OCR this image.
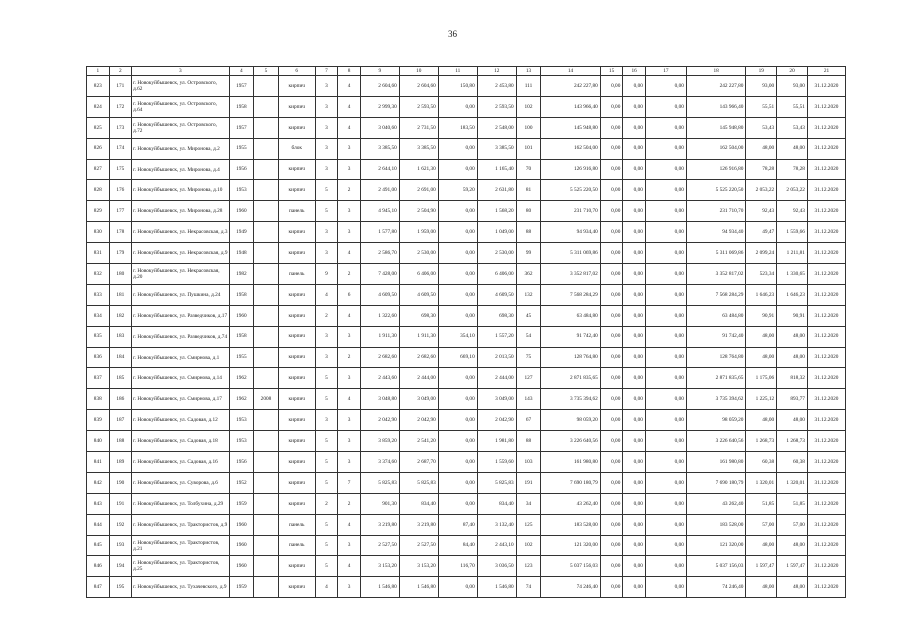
36
1	2	3	4	5	6	7	8	9	10	11	12	13	14	15	16	17	18	19	20	21
823	171	г. Новокуйбышевск, ул. Островского, д.62	1957		кирпич	3	4	2 604,60	2 604,60	150,80	2 453,80	111	242 227,80	0,00	0,00	0,00	242 227,80	93,00	93,00	31.12.2020
824	172	г. Новокуйбышевск, ул. Островского, д.64	1958		кирпич	3	4	2 999,30	2 593,50	0,00	2 593,50	102	143 966,40	0,00	0,00	0,00	143 966,40	55,51	55,51	31.12.2020
825	173	г. Новокуйбышевск, ул. Островского, д.72	1957		кирпич	3	4	3 040,60	2 731,50	183,50	2 548,00	100	145 948,80	0,00	0,00	0,00	145 948,80	53,43	53,43	31.12.2020
826	174	г. Новокуйбышевск, ул. Миронова, д.2	1955		блок	3	3	3 385,50	3 385,50	0,00	3 385,50	101	162 504,00	0,00	0,00	0,00	162 504,00	48,00	48,00	31.12.2020
827	175	г. Новокуйбышевск, ул. Миронова, д.4	1956		кирпич	3	3	2 644,10	1 621,30	0,00	1 165,40	70	126 916,80	0,00	0,00	0,00	126 916,80	78,28	78,28	31.12.2020
828	176	г. Новокуйбышевск, ул. Миронова, д.10	1953		кирпич	5	2	2 491,00	2 691,00	59,20	2 631,80	81	5 525 220,50	0,00	0,00	0,00	5 525 220,50	2 053,22	2 053,22	31.12.2020
829	177	г. Новокуйбышевск, ул. Миронова, д.28	1960		панель	5	3	4 945,10	2 504,90	0,00	1 568,20	80	231 710,70	0,00	0,00	0,00	231 710,70	92,43	92,43	31.12.2020
830	178	г. Новокуйбышевск, ул. Некрасовская, д.3	1949		кирпич	3	3	1 577,80	1 959,00	0,00	1 049,00	88	94 934,40	0,00	0,00	0,00	94 934,40	49,47	1 559,66	31.12.2020
831	179	г. Новокуйбышевск, ул. Некрасовская, д.9	1948		кирпич	3	4	2 586,70	2 530,00	0,00	2 530,00	99	5 311 069,86	0,00	0,00	0,00	5 311 069,86	2 099,24	1 211,81	31.12.2020
832	180	г. Новокуйбышевск, ул. Некрасовская, д.20	1982		панель	9	2	7 428,00	6 406,00	0,00	6 406,00	362	3 352 817,02	0,00	0,00	0,00	3 352 817,02	523,34	1 330,65	31.12.2020
833	181	г. Новокуйбышевск, ул. Пушкина, д.24	1958		кирпич	4	6	4 609,50	4 609,50	0,00	4 609,50	132	7 568 284,29	0,00	0,00	0,00	7 568 284,29	1 646,23	1 646,23	31.12.2020
834	182	г. Новокуйбышевск, ул. Разведчиков, д.17	1960		кирпич	2	4	1 322,60	698,30	0,00	698,30	45	63 484,80	0,00	0,00	0,00	63 484,80	90,91	90,91	31.12.2020
835	183	г. Новокуйбышевск, ул. Разведчиков, д.74	1958		кирпич	3	3	1 911,30	1 911,30	354,10	1 557,20	54	91 742,40	0,00	0,00	0,00	91 742,40	48,00	48,00	31.12.2020
836	184	г. Новокуйбышевск, ул. Смирнова, д.1	1955		кирпич	3	2	2 682,60	2 682,60	669,10	2 013,50	75	128 764,80	0,00	0,00	0,00	128 764,80	48,00	48,00	31.12.2020
837	185	г. Новокуйбышевск, ул. Смирнова, д.14	1962		кирпич	5	3	2 443,60	2 444,00	0,00	2 444,00	127	2 871 835,65	0,00	0,00	0,00	2 871 835,65	1 175,06	818,32	31.12.2020
838	186	г. Новокуйбышевск, ул. Смирнова, д.17	1962	2008	кирпич	5	4	3 048,80	3 049,00	0,00	3 049,00	143	3 735 394,62	0,00	0,00	0,00	3 735 394,62	1 225,12	893,77	31.12.2020
839	187	г. Новокуйбышевск, ул. Садовая, д.12	1953		кирпич	3	3	2 042,90	2 042,90	0,00	2 042,90	67	98 059,20	0,00	0,00	0,00	98 059,20	48,00	48,00	31.12.2020
840	188	г. Новокуйбышевск, ул. Садовая, д.18	1953		кирпич	5	3	3 859,20	2 541,20	0,00	1 981,80	88	3 226 640,56	0,00	0,00	0,00	3 226 640,56	1 268,73	1 268,73	31.12.2020
841	189	г. Новокуйбышевск, ул. Садовая, д.16	1956		кирпич	5	3	3 374,60	2 687,70	0,00	1 559,60	103	161 980,80	0,00	0,00	0,00	161 980,80	60,38	60,38	31.12.2020
842	190	г. Новокуйбышевск, ул. Суворова, д.6	1952		кирпич	5	7	5 825,83	5 825,83	0,00	5 825,83	191	7 690 180,79	0,00	0,00	0,00	7 690 180,79	1 320,01	1 320,01	31.12.2020
843	191	г. Новокуйбышевск, ул. Толбухина, д.29	1959		кирпич	2	2	901,30	834,40	0,00	834,40	34	43 262,40	0,00	0,00	0,00	43 262,40	51,85	51,85	31.12.2020
844	192	г. Новокуйбышевск, ул. Трактористов, д.9	1960		панель	5	4	3 219,80	3 219,80	87,40	3 132,40	125	183 528,00	0,00	0,00	0,00	183 528,00	57,00	57,00	31.12.2020
845	193	г. Новокуйбышевск, ул. Трактористов, д.21	1960		панель	5	3	2 527,50	2 527,50	84,40	2 443,10	102	121 320,00	0,00	0,00	0,00	121 320,00	48,00	48,00	31.12.2020
846	194	г. Новокуйбышевск, ул. Трактористов, д.25	1960		кирпич	5	4	3 153,20	3 153,20	116,70	3 036,50	123	5 037 156,03	0,00	0,00	0,00	5 037 156,03	1 597,47	1 597,47	31.12.2020
847	195	г. Новокуйбышевск, ул. Тухачевского, д.9	1959		кирпич	4	3	1 546,80	1 546,80	0,00	1 546,80	74	74 246,40	0,00	0,00	0,00	74 246,40	48,00	48,00	31.12.2020
